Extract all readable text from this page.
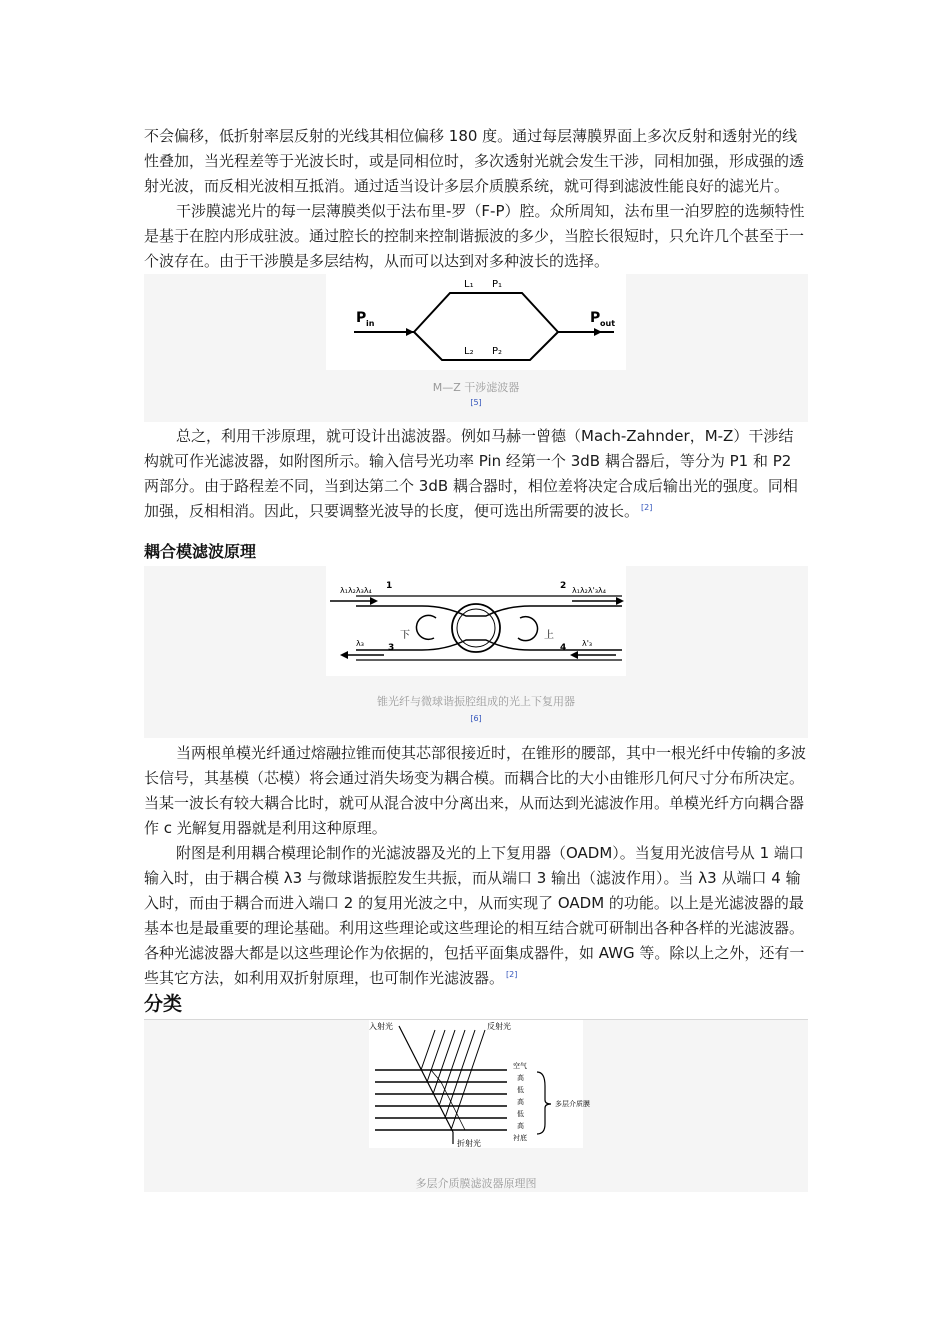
不会偏移，低折射率层反射的光线其相位偏移 180 度。通过每层薄膜界面上多次反射和透射光的线性叠加，当光程差等于光波长时，或是同相位时，多次透射光就会发生干涉，同相加强，形成强的透射光波，而反相光波相互抵消。通过适当设计多层介质膜系统，就可得到滤波性能良好的滤光片。

干涉膜滤光片的每一层薄膜类似于法布里-罗（F-P）腔。众所周知，法布里一泊罗腔的选频特性是基于在腔内形成驻波。通过腔长的控制来控制谐振波的多少，当腔长很短时，只允许几个甚至于一个波存在。由于干涉膜是多层结构，从而可以达到对多种波长的选择。

P in	P out
L₁ P₁
L₂ P₂
M—Z 干涉滤波器
[5]

总之，利用干涉原理，就可设计出滤波器。例如马赫一曾德（Mach-Zahnder，M-Z）干涉结构就可作光滤波器，如附图所示。输入信号光功率 Pin 经第一个 3dB 耦合器后，等分为 P1 和 P2 两部分。由于路程差不同，当到达第二个 3dB 耦合器时，相位差将决定合成后输出光的强度。同相加强，反相相消。因此，只要调整光波导的长度，便可选出所需要的波长。 [2]

耦合模滤波原理
λ₁λ₂λ₃λ₄	λ₁λ₂λ'₃λ₄
λ₃	λ'₃
1	2
3	4
下	上
锥光纤与微球谐振腔组成的光上下复用器
[6]

当两根单模光纤通过熔融拉锥而使其芯部很接近时，在锥形的腰部，其中一根光纤中传输的多波长信号，其基模（芯模）将会通过消失场变为耦合模。而耦合比的大小由锥形几何尺寸分布所决定。当某一波长有较大耦合比时，就可从混合波中分离出来，从而达到光滤波作用。单模光纤方向耦合器作 c 光解复用器就是利用这种原理。

附图是利用耦合模理论制作的光滤波器及光的上下复用器（OADM）。当复用光波信号从 1 端口输入时，由于耦合模 λ3 与微球谐振腔发生共振，而从端口 3 输出（滤波作用）。当 λ3 从端口 4 输入时，而由于耦合而进入端口 2 的复用光波之中，从而实现了 OADM 的功能。以上是光滤波器的最基本也是最重要的理论基础。利用这些理论或这些理论的相互结合就可研制出各种各样的光滤波器。各种光滤波器大都是以这些理论作为依据的，包括平面集成器件，如 AWG 等。除以上之外，还有一些其它方法，如利用双折射原理，也可制作光滤波器。 [2]

分类
入射光	反射光
空气
高
低
高
低
高
衬底
多层介质膜
折射光
多层介质膜滤波器原理图
